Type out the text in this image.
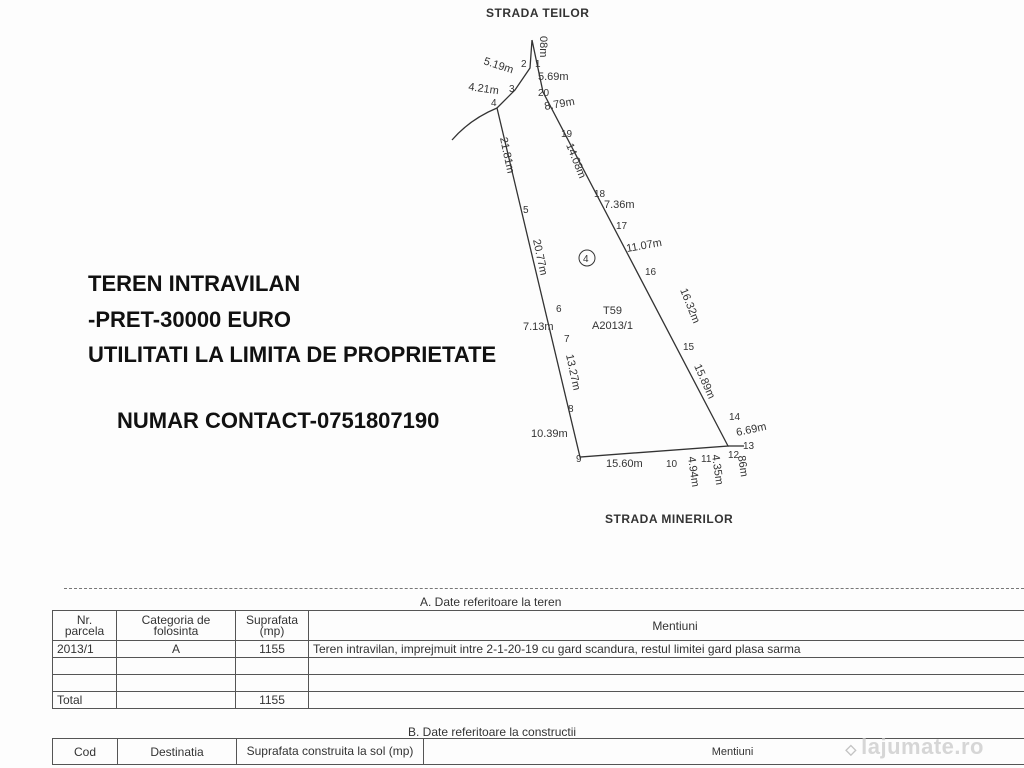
STRADA TEILOR
STRADA MINERILOR
4
T59
A2013/1
08m
5.19m
5.69m
4.21m
8.79m
21.81m	14.08m
7.36m
11.07m
20.77m
16.32m
7.13m
13.27m	15.89m
6.69m
10.39m
15.60m	4.94m 4.35m 86m
2 1
20
3
4
19
18
17
5
16
6
15
7
8
14
13
12
11
10
9
TEREN INTRAVILAN
-PRET-30000 EURO
UTILITATI LA LIMITA DE PROPRIETATE
NUMAR CONTACT-0751807190
A. Date referitoare la teren
Nr. parcela	Categoria de folosinta	Suprafata (mp)	Mentiuni
2013/1	A	1155	Teren intravilan, imprejmuit intre 2-1-20-19 cu gard scandura, restul limitei gard plasa sarma

Total		1155	
B. Date referitoare la constructii
Cod	Destinatia	Suprafata construita la sol (mp)	Mentiuni	◇ lajumate.ro
